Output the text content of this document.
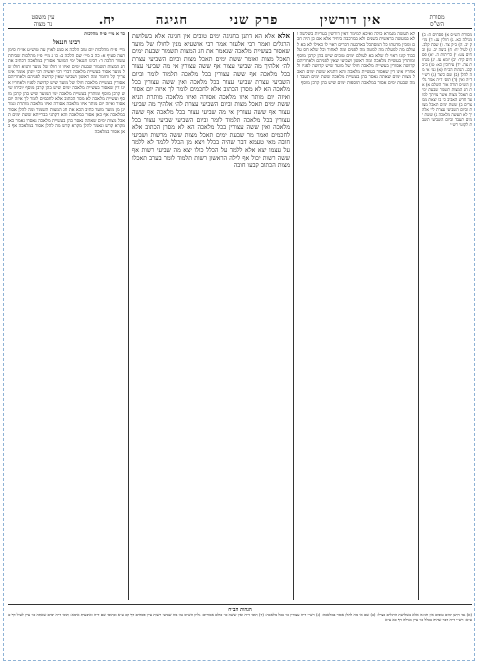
מסורת
הש"ס
אין דורשין
פרק שני
חגיגה
יח.
עין משפט
נר מצוה
מסורת הש״ס א) פסחים ה: ב) מגילה כא. ג) חולין עג: ד) מו״ק יב. ה) ב״ק צד. ו) שבת קלב. ז) לעיל יח: ח) ביצה יב. ט) זבחים צט: י) כריתות ה. יא) פסחים קיד: יב) יומא עז. יג) מנחות צה. יד) עירובין כא: טו) ב״ב קכג. הגהות הב״ח (א) גמ׳ אי מה להלן (ב) שם כיצד (ג) רש״י ד״ה ואין (ד) תוס׳ ד״ה אמר גליון הש״ס תורה אור השלם א) את חג המצות תשמר שבעת ימים תאכל מצות אשר צויתך למועד חדש האביב כי בו יצאת ממצרים ב) ששת ימים תאכל מצות וביום השביעי עצרת ליי אלהיך לא תעשה מלאכה ג) ששת ימים תעבד וביום השביעי תשבת לקוטי רש״י
לא תעשה מגמרא כולה ואיכא למימר דאין דורשין בעריות בשלשה ולא במעשה בראשית בשנים ולא במרכבה ביחיד אלא אם כן היה חכם ומבין מדעתו כל המסתכל בארבעה דברים ראוי לו כאילו לא בא לעולם מה למעלה מה למטה מה לפנים ומה לאחור וכל שלא חס על כבוד קונו ראוי לו שלא בא לעולם ימים טובים שיש בהן קרבן מוסף ומותרין בעשיית מלאכה ומה ראשון ושביעי שאין לפניהם ולאחריהם קדושה אסורין בעשיית מלאכה חולו של מועד שיש קדושה לפניו ולאחריו אינו דין שאסור בעשיית מלאכה והא דתניא ששת ימים תאכל מצות ימים שאתה נאסר בהן בעשיית מלאכה ששת ימים תעבד ומה שבעת ימים אסור במלאכה תוספות ימים שיש בהן קרבן מוסף
אלא אלא הא דתנן בחגיגה ימים טובים אין חגיגה אלא בשלושת הרגלים ואמר רבי אלעזר אמר רבי אושעיא מנין לחולו של מועד שאסור בעשיית מלאכה שנאמר את חג המצות תשמור שבעת ימים תאכל מצות ואומר ששת ימים תאכל מצות וביום השביעי עצרת לה׳ אלהיך מה שביעי עצור אף ששה עצורין אי מה שביעי עצור בכל מלאכה אף ששה עצורין בכל מלאכה תלמוד לומר וביום השביעי עצרת שביעי עצור בכל מלאכה ואין ששה עצורין בכל מלאכה הא לא מסרן הכתוב אלא לחכמים לומר לך איזה יום אסור ואיזה יום מותר איזו מלאכה אסורה ואיזו מלאכה מותרת תניא ששת ימים תאכל מצות וביום השביעי עצרת לה׳ אלהיך מה שביעי עצור אף ששה עצורין אי מה שביעי עצור בכל מלאכה אף ששה עצורין בכל מלאכה תלמוד לומר וביום השביעי שביעי עצור בכל מלאכה ואין ששה עצורין בכל מלאכה הא לא מסרן הכתוב אלא לחכמים ואמר מר שבעת ימים תאכל מצות ששה מרשות ושביעי חובה מאי טעמא דבר שהיה בכלל ויצא מן הכלל ללמד לא ללמד על עצמו יצא אלא ללמד על הכלל כולו יצא מה שביעי רשות אף ששה רשות יכול אף לילה הראשון רשות תלמוד לומר בערב תאכלו מצות הכתוב קבעו חובה
כד א מיי׳ פ״ח מהלכות
רבינו חננאל
מיי׳ פ״ח מהלכות יום טוב הלכה א סמג לאוין עה טוש״ע או״ח סימן תצה סעיף א: כה ב מיי׳ שם הלכה ב: כו ג מיי׳ פ״ז מהלכות שביתת עשור הלכה ד: רבינו חננאל ימי המועד אסורין במלאכה דכתיב את חג המצות תשמור שבעת ימים ואיזו זו חולו של מועד ותניא חולו של מועד אסור בעשיית מלאכה דברי רבי יאשיה רבי יונתן אומר אינו צריך קל וחומר ומה ראשון ושביעי שאין קדושה לפניהם ולאחריהם אסורין בעשיית מלאכה חולו של מועד שיש קדושה לפניו ולאחריו אינו דין שאסור בעשיית מלאכה ימים שיש בהן קרבן מוסף יוכיחו שיש קרבן מוסף ומותרין בעשיית מלאכה ימי המועד שיש בהן קרבן מוסף ועשיית מלאכה לא מסר הכתוב אלא לחכמים לומר לך איזה יום אסור ואיזה יום מותר איזו מלאכה אסורה ואיזו מלאכה מותרת וגמרינן מן מועד מועד כתיב הכא את חג המצות תשמור ומה להלן אסור במלאכה אף כאן אסור במלאכה והא דקתני בברייתא ששת ימים תאכל מצות ימים שאתה נאסר בהן בעשיית מלאכה נאסרו נאמר כאן מקרא קדש ונאמר להלן מקרא קדש מה להלן אסור במלאכה אף כאן אסור במלאכה
הגהות הב״ח
(א) גמ׳ דתנן ימים טובים אין חגיגה אלא בשלושת הרגלים כצ״ל: (ב) שם אי מה להלן אסור במלאכה: (ג) רש״י ד״ה עצורין כו׳ בכל מלאכה: (ד) תוס׳ ד״ה ואין ששה כו׳ כולם אסורים: גליון הש״ס גמ׳ מה שביעי רשות עיין פסחים דף קכ ע״א ובתוס׳ שם ד״ה ואיבעית אימא: תוס׳ ד״ה ימים שאתה כו׳ עיין לעיל דף ט ע״א: רש״י ד״ה דבר שהיה בכלל כו׳ עיין מגילה דף כא ע״א
